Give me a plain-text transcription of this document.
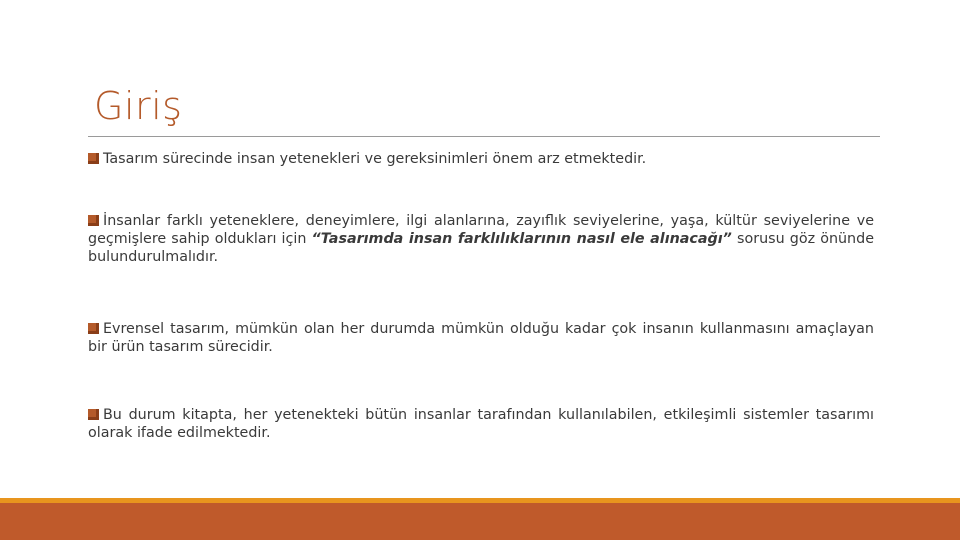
Giriş
Tasarım sürecinde insan yetenekleri ve gereksinimleri önem arz etmektedir.
İnsanlar farklı yeteneklere, deneyimlere, ilgi alanlarına, zayıflık seviyelerine, yaşa, kültür seviyelerine ve geçmişlere sahip oldukları için “Tasarımda insan farklılıklarının nasıl ele alınacağı” sorusu göz önünde bulundurulmalıdır.
Evrensel tasarım, mümkün olan her durumda mümkün olduğu kadar çok insanın kullanmasını amaçlayan bir ürün tasarım sürecidir.
Bu durum kitapta, her yetenekteki bütün insanlar tarafından kullanılabilen, etkileşimli sistemler tasarımı olarak ifade edilmektedir.
